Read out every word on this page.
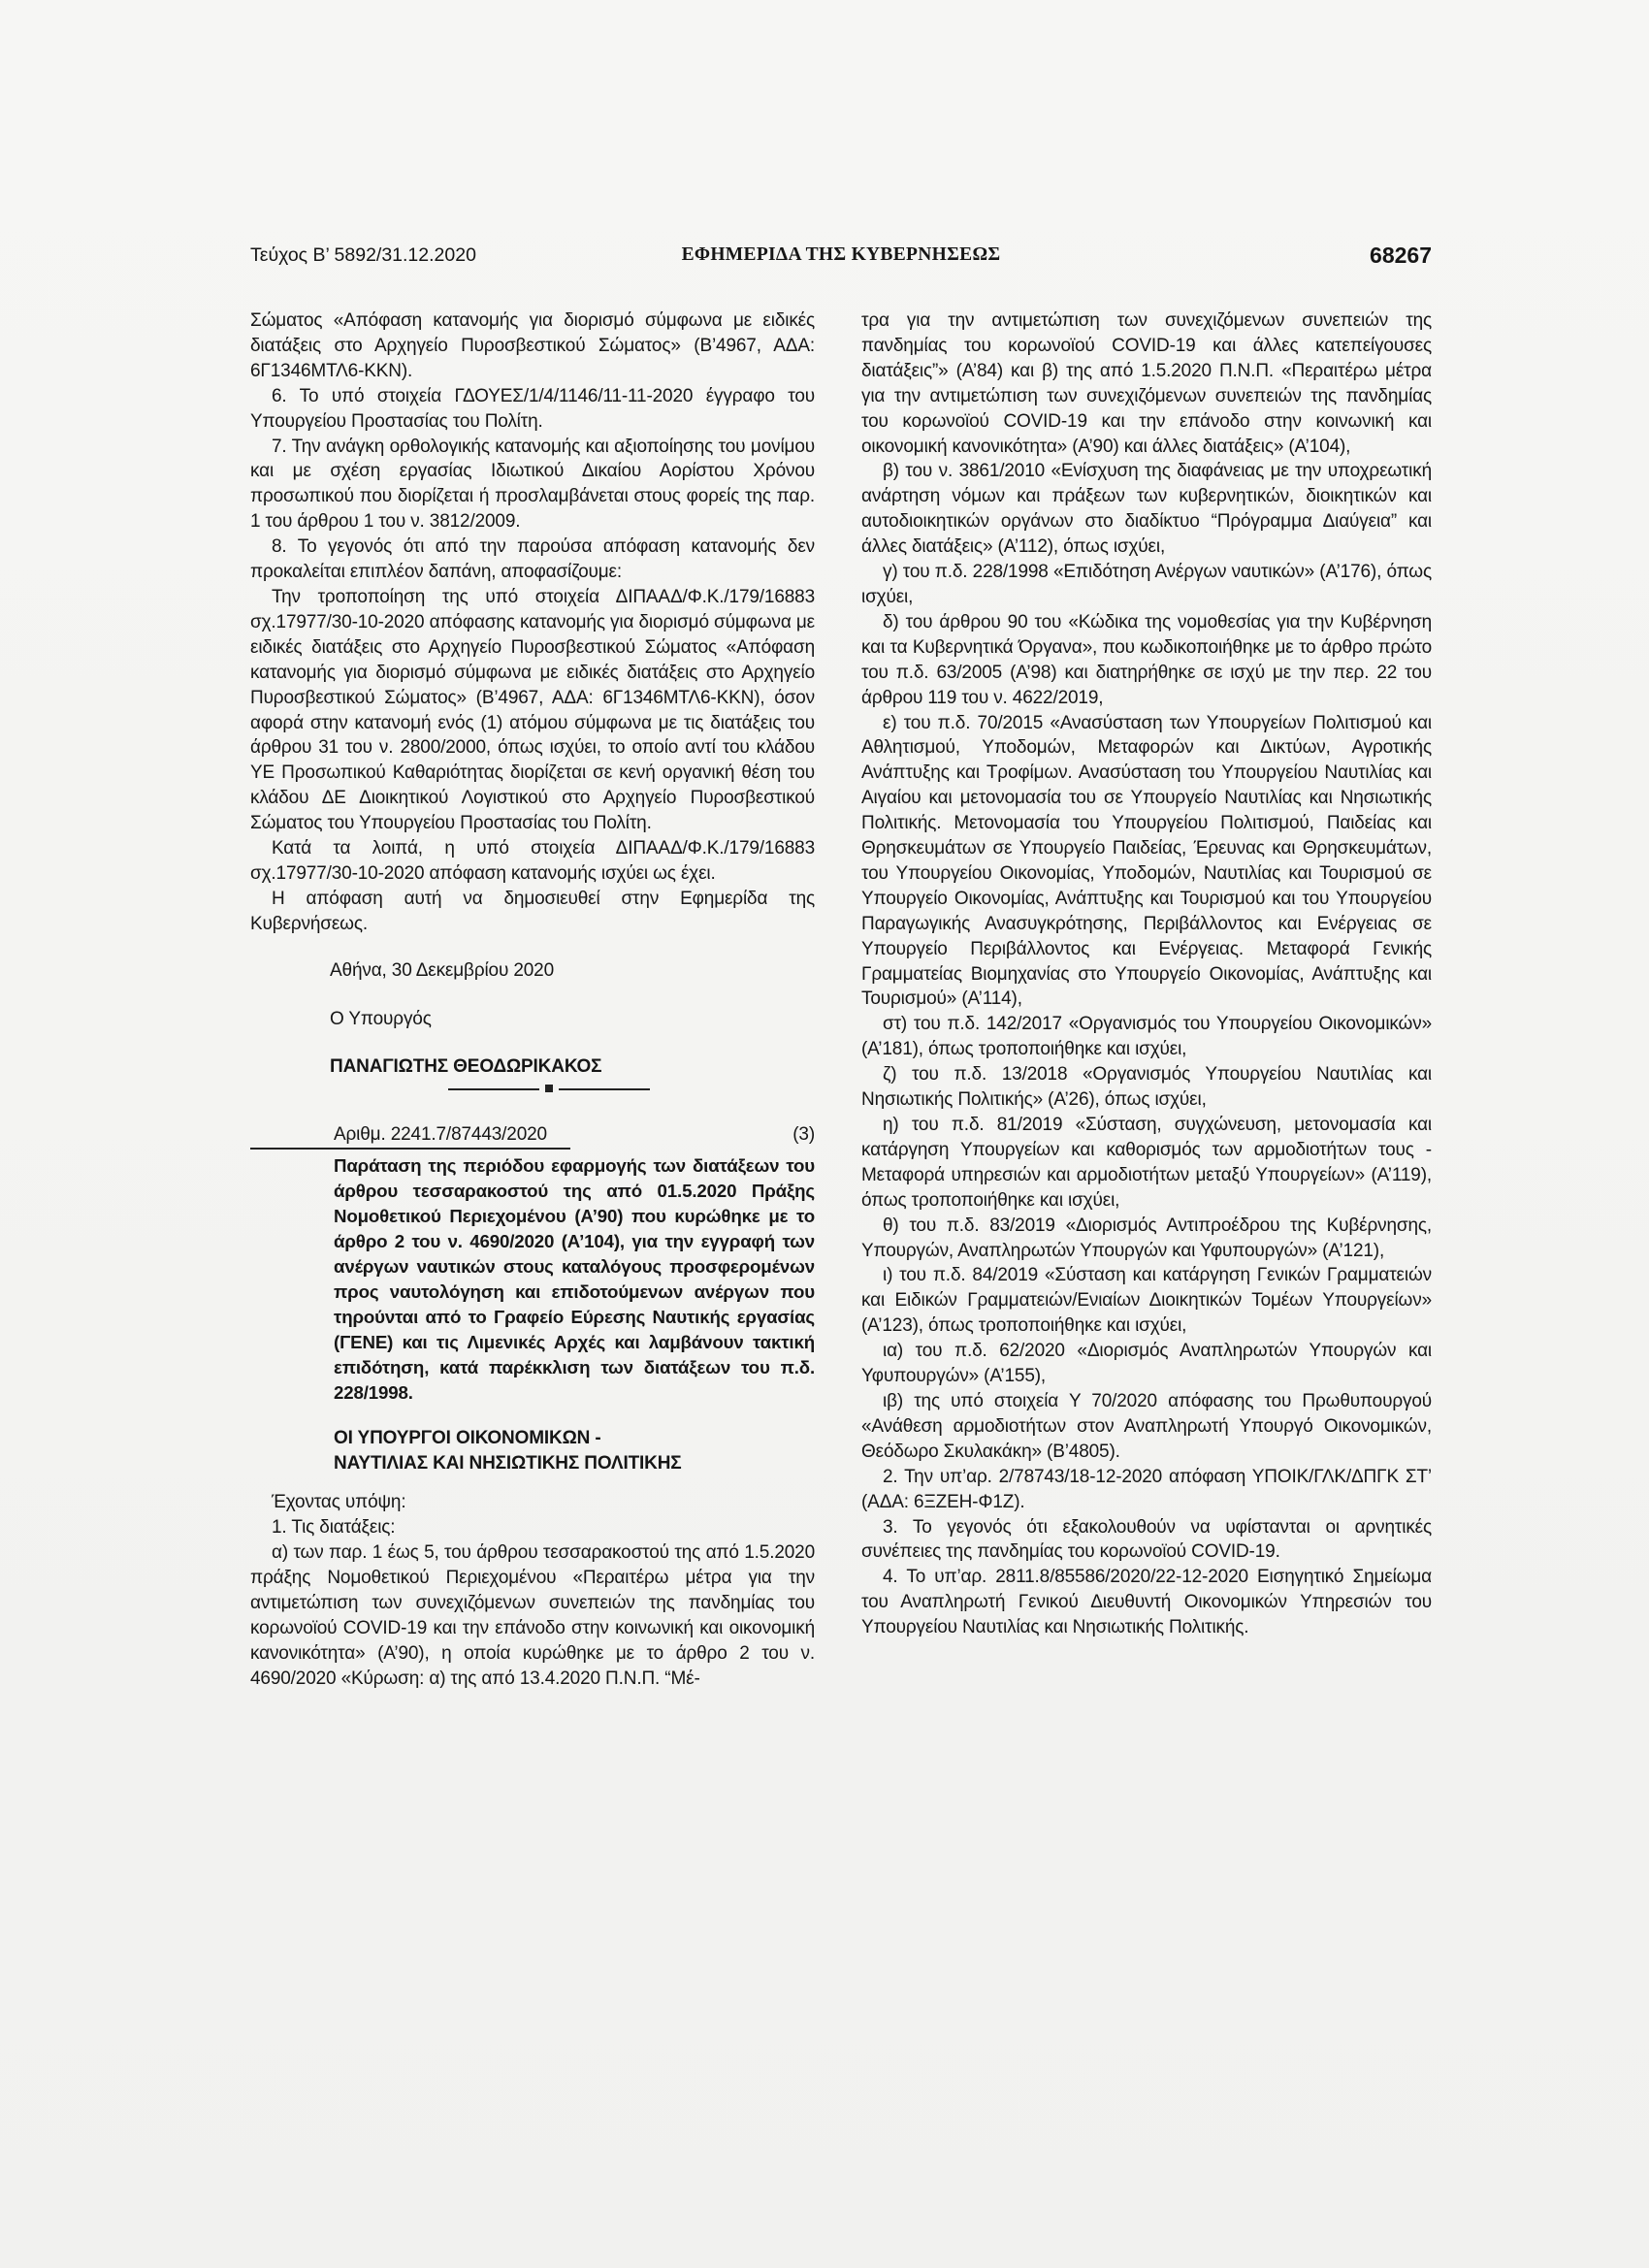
Τεύχος Β’ 5892/31.12.2020	ΕΦΗΜΕΡΙΔΑ ΤΗΣ ΚΥΒΕΡΝΗΣΕΩΣ	68267

Σώματος «Απόφαση κατανομής για διορισμό σύμφωνα με ειδικές διατάξεις στο Αρχηγείο Πυροσβεστικού Σώματος» (Β’4967, ΑΔΑ: 6Γ1346ΜΤΛ6-ΚΚΝ).

6. Το υπό στοιχεία ΓΔΟΥΕΣ/1/4/1146/11-11-2020 έγγραφο του Υπουργείου Προστασίας του Πολίτη.

7. Την ανάγκη ορθολογικής κατανομής και αξιοποίησης του μονίμου και με σχέση εργασίας Ιδιωτικού Δικαίου Αορίστου Χρόνου προσωπικού που διορίζεται ή προσλαμβάνεται στους φορείς της παρ. 1 του άρθρου 1 του ν. 3812/2009.

8. Το γεγονός ότι από την παρούσα απόφαση κατανομής δεν προκαλείται επιπλέον δαπάνη, αποφασίζουμε:

Την τροποποίηση της υπό στοιχεία ΔΙΠΑΑΔ/Φ.Κ./179/16883 σχ.17977/30-10-2020 απόφασης κατανομής για διορισμό σύμφωνα με ειδικές διατάξεις στο Αρχηγείο Πυροσβεστικού Σώματος «Απόφαση κατανομής για διορισμό σύμφωνα με ειδικές διατάξεις στο Αρχηγείο Πυροσβεστικού Σώματος» (Β’4967, ΑΔΑ: 6Γ1346ΜΤΛ6-ΚΚΝ), όσον αφορά στην κατανομή ενός (1) ατόμου σύμφωνα με τις διατάξεις του άρθρου 31 του ν. 2800/2000, όπως ισχύει, το οποίο αντί του κλάδου ΥΕ Προσωπικού Καθαριότητας διορίζεται σε κενή οργανική θέση του κλάδου ΔΕ Διοικητικού Λογιστικού στο Αρχηγείο Πυροσβεστικού Σώματος του Υπουργείου Προστασίας του Πολίτη.

Κατά τα λοιπά, η υπό στοιχεία ΔΙΠΑΑΔ/Φ.Κ./179/16883 σχ.17977/30-10-2020 απόφαση κατανομής ισχύει ως έχει.

Η απόφαση αυτή να δημοσιευθεί στην Εφημερίδα της Κυβερνήσεως.

Αθήνα, 30 Δεκεμβρίου 2020
Ο Υπουργός
ΠΑΝΑΓΙΩΤΗΣ ΘΕΟΔΩΡΙΚΑΚΟΣ
Αριθμ. 2241.7/87443/2020	(3)
Παράταση της περιόδου εφαρμογής των διατάξεων του άρθρου τεσσαρακοστού της από 01.5.2020 Πράξης Νομοθετικού Περιεχομένου (Α’90) που κυρώθηκε με το άρθρο 2 του ν. 4690/2020 (Α’104), για την εγγραφή των ανέργων ναυτικών στους καταλόγους προσφερομένων προς ναυτολόγηση και επιδοτούμενων ανέργων που τηρούνται από το Γραφείο Εύρεσης Ναυτικής εργασίας (ΓΕΝΕ) και τις Λιμενικές Αρχές και λαμβάνουν τακτική επιδότηση, κατά παρέκκλιση των διατάξεων του π.δ. 228/1998.
ΟΙ ΥΠΟΥΡΓΟΙ ΟΙΚΟΝΟΜΙΚΩΝ -
ΝΑΥΤΙΛΙΑΣ ΚΑΙ ΝΗΣΙΩΤΙΚΗΣ ΠΟΛΙΤΙΚΗΣ

Έχοντας υπόψη:

1. Τις διατάξεις:

α) των παρ. 1 έως 5, του άρθρου τεσσαρακοστού της από 1.5.2020 πράξης Νομοθετικού Περιεχομένου «Περαιτέρω μέτρα για την αντιμετώπιση των συνεχιζόμενων συνεπειών της πανδημίας του κορωνοϊού COVID-19 και την επάνοδο στην κοινωνική και οικονομική κανονικότητα» (Α’90), η οποία κυρώθηκε με το άρθρο 2 του ν. 4690/2020 «Κύρωση: α) της από 13.4.2020 Π.Ν.Π. “Μέ-

τρα για την αντιμετώπιση των συνεχιζόμενων συνεπειών της πανδημίας του κορωνοϊού COVID-19 και άλλες κατεπείγουσες διατάξεις”» (Α’84) και β) της από 1.5.2020 Π.Ν.Π. «Περαιτέρω μέτρα για την αντιμετώπιση των συνεχιζόμενων συνεπειών της πανδημίας του κορωνοϊού COVID-19 και την επάνοδο στην κοινωνική και οικονομική κανονικότητα» (Α’90) και άλλες διατάξεις» (Α’104),

β) του ν. 3861/2010 «Ενίσχυση της διαφάνειας με την υποχρεωτική ανάρτηση νόμων και πράξεων των κυβερνητικών, διοικητικών και αυτοδιοικητικών οργάνων στο διαδίκτυο “Πρόγραμμα Διαύγεια” και άλλες διατάξεις» (Α’112), όπως ισχύει,

γ) του π.δ. 228/1998 «Επιδότηση Ανέργων ναυτικών» (Α’176), όπως ισχύει,

δ) του άρθρου 90 του «Κώδικα της νομοθεσίας για την Κυβέρνηση και τα Κυβερνητικά Όργανα», που κωδικοποιήθηκε με το άρθρο πρώτο του π.δ. 63/2005 (Α’98) και διατηρήθηκε σε ισχύ με την περ. 22 του άρθρου 119 του ν. 4622/2019,

ε) του π.δ. 70/2015 «Ανασύσταση των Υπουργείων Πολιτισμού και Αθλητισμού, Υποδομών, Μεταφορών και Δικτύων, Αγροτικής Ανάπτυξης και Τροφίμων. Ανασύσταση του Υπουργείου Ναυτιλίας και Αιγαίου και μετονομασία του σε Υπουργείο Ναυτιλίας και Νησιωτικής Πολιτικής. Μετονομασία του Υπουργείου Πολιτισμού, Παιδείας και Θρησκευμάτων σε Υπουργείο Παιδείας, Έρευνας και Θρησκευμάτων, του Υπουργείου Οικονομίας, Υποδομών, Ναυτιλίας και Τουρισμού σε Υπουργείο Οικονομίας, Ανάπτυξης και Τουρισμού και του Υπουργείου Παραγωγικής Ανασυγκρότησης, Περιβάλλοντος και Ενέργειας σε Υπουργείο Περιβάλλοντος και Ενέργειας. Μεταφορά Γενικής Γραμματείας Βιομηχανίας στο Υπουργείο Οικονομίας, Ανάπτυξης και Τουρισμού» (Α’114),

στ) του π.δ. 142/2017 «Οργανισμός του Υπουργείου Οικονομικών» (Α’181), όπως τροποποιήθηκε και ισχύει,

ζ) του π.δ. 13/2018 «Οργανισμός Υπουργείου Ναυτιλίας και Νησιωτικής Πολιτικής» (Α’26), όπως ισχύει,

η) του π.δ. 81/2019 «Σύσταση, συγχώνευση, μετονομασία και κατάργηση Υπουργείων και καθορισμός των αρμοδιοτήτων τους - Μεταφορά υπηρεσιών και αρμοδιοτήτων μεταξύ Υπουργείων» (Α’119), όπως τροποποιήθηκε και ισχύει,

θ) του π.δ. 83/2019 «Διορισμός Αντιπροέδρου της Κυβέρνησης, Υπουργών, Αναπληρωτών Υπουργών και Υφυπουργών» (Α’121),

ι) του π.δ. 84/2019 «Σύσταση και κατάργηση Γενικών Γραμματειών και Ειδικών Γραμματειών/Ενιαίων Διοικητικών Τομέων Υπουργείων» (Α’123), όπως τροποποιήθηκε και ισχύει,

ια) του π.δ. 62/2020 «Διορισμός Αναπληρωτών Υπουργών και Υφυπουργών» (Α’155),

ιβ) της υπό στοιχεία Υ 70/2020 απόφασης του Πρωθυπουργού «Ανάθεση αρμοδιοτήτων στον Αναπληρωτή Υπουργό Οικονομικών, Θεόδωρο Σκυλακάκη» (Β’4805).

2. Την υπ’αρ. 2/78743/18-12-2020 απόφαση ΥΠΟΙΚ/ΓΛΚ/ΔΠΓΚ ΣΤ’ (ΑΔΑ: 6ΞΖΕΗ-Φ1Ζ).

3. Το γεγονός ότι εξακολουθούν να υφίστανται οι αρνητικές συνέπειες της πανδημίας του κορωνοϊού COVID-19.

4. Το υπ’αρ. 2811.8/85586/2020/22-12-2020 Εισηγητικό Σημείωμα του Αναπληρωτή Γενικού Διευθυντή Οικονομικών Υπηρεσιών του Υπουργείου Ναυτιλίας και Νησιωτικής Πολιτικής.
